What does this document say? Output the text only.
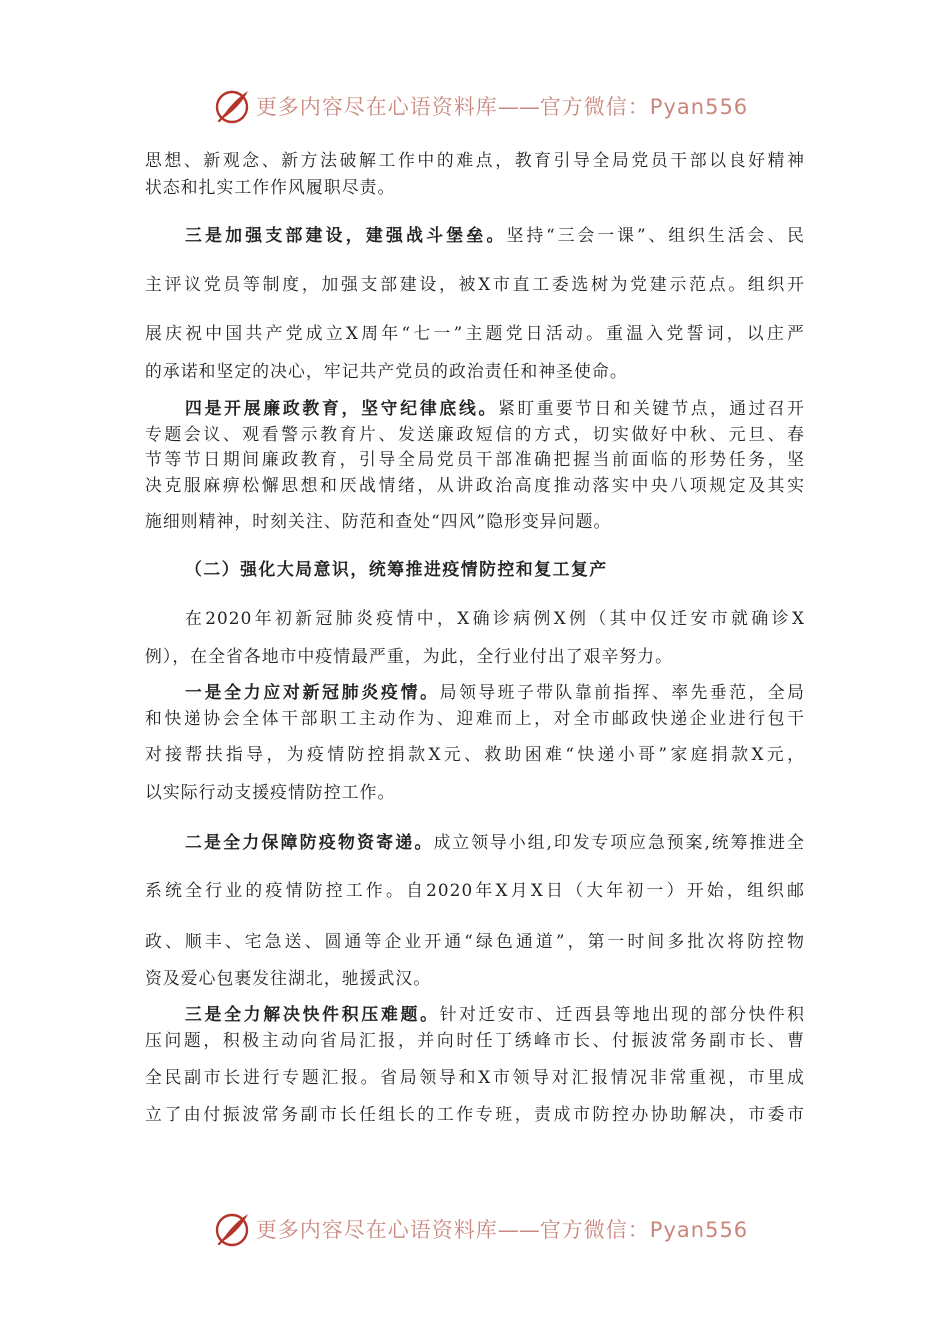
更多内容尽在心语资料库——官方微信：Pyan556

思想、新观念、新方法破解工作中的难点，教育引导全局党员干部以良好精神

状态和扎实工作作风履职尽责。

三是加强支部建设，建强战斗堡垒。坚持“三会一课”、组织生活会、民

主评议党员等制度，加强支部建设，被X市直工委选树为党建示范点。组织开

展庆祝中国共产党成立X周年“七一”主题党日活动。重温入党誓词，以庄严

的承诺和坚定的决心，牢记共产党员的政治责任和神圣使命。

四是开展廉政教育，坚守纪律底线。紧盯重要节日和关键节点，通过召开

专题会议、观看警示教育片、发送廉政短信的方式，切实做好中秋、元旦、春

节等节日期间廉政教育，引导全局党员干部准确把握当前面临的形势任务，坚

决克服麻痹松懈思想和厌战情绪，从讲政治高度推动落实中央八项规定及其实

施细则精神，时刻关注、防范和查处“四风”隐形变异问题。

（二）强化大局意识，统筹推进疫情防控和复工复产

在2020年初新冠肺炎疫情中，X确诊病例X例（其中仅迁安市就确诊X

例），在全省各地市中疫情最严重，为此，全行业付出了艰辛努力。

一是全力应对新冠肺炎疫情。局领导班子带队靠前指挥、率先垂范，全局

和快递协会全体干部职工主动作为、迎难而上，对全市邮政快递企业进行包干

对接帮扶指导，为疫情防控捐款X元、救助困难“快递小哥”家庭捐款X元，

以实际行动支援疫情防控工作。

二是全力保障防疫物资寄递。成立领导小组,印发专项应急预案,统筹推进全

系统全行业的疫情防控工作。自2020年X月X日（大年初一）开始，组织邮

政、顺丰、宅急送、圆通等企业开通“绿色通道”，第一时间多批次将防控物

资及爱心包裹发往湖北，驰援武汉。

三是全力解决快件积压难题。针对迁安市、迁西县等地出现的部分快件积

压问题，积极主动向省局汇报，并向时任丁绣峰市长、付振波常务副市长、曹

全民副市长进行专题汇报。省局领导和X市领导对汇报情况非常重视，市里成

立了由付振波常务副市长任组长的工作专班，责成市防控办协助解决，市委市

更多内容尽在心语资料库——官方微信：Pyan556
